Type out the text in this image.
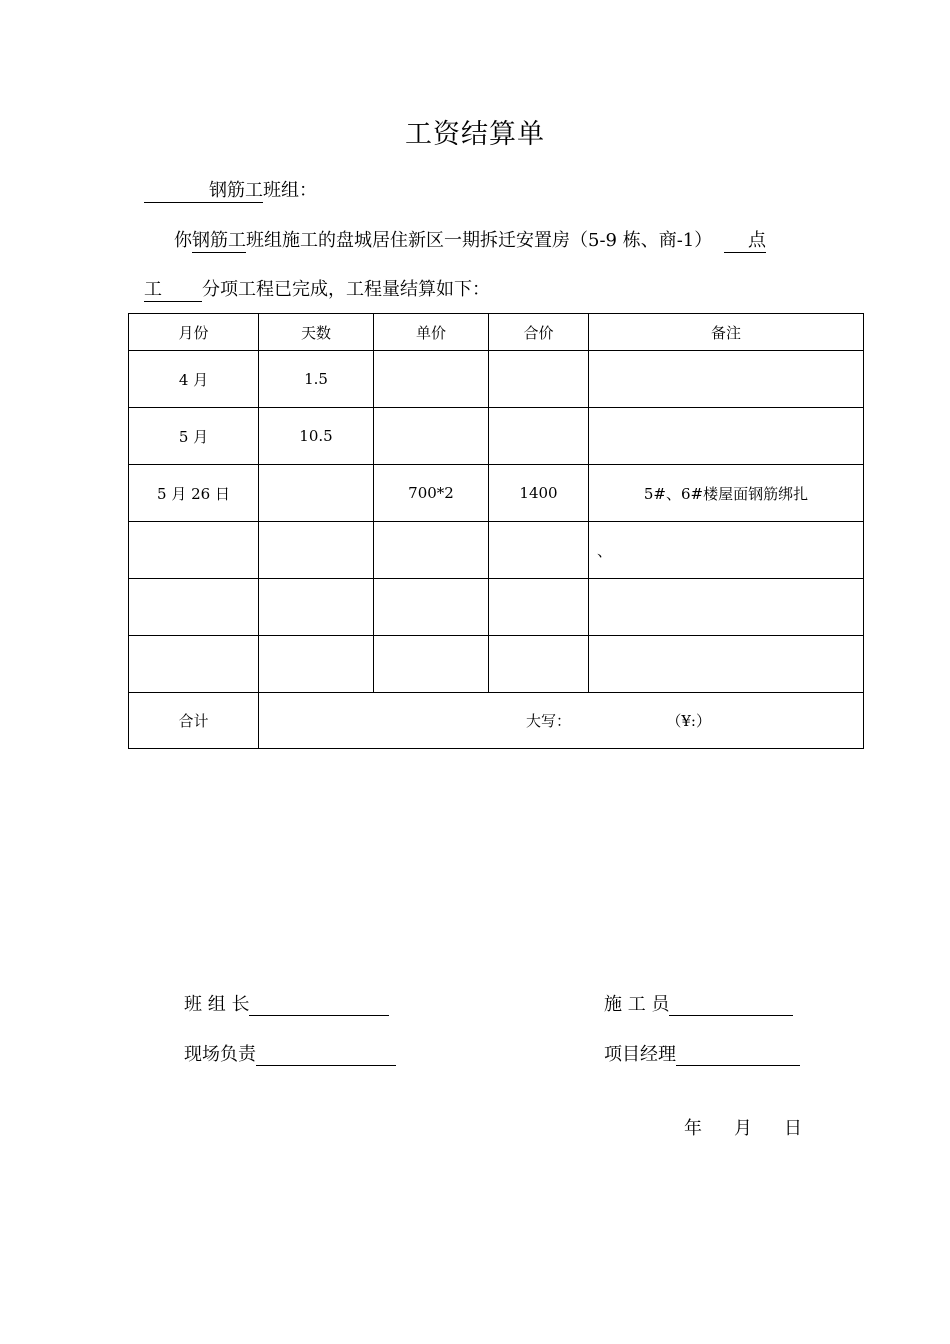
工资结算单
钢筋工班组：
你钢筋工班组施工的盘城居住新区一期拆迁安置房（5-9 栋、商-1） 点
工 分项工程已完成，工程量结算如下：
月份	天数	单价	合价	备注
4 月	1.5			
5 月	10.5			
5 月 26 日		700*2	1400	5#、6#楼屋面钢筋绑扎

				、

合计	大写： （¥:）			
班 组 长	施 工 员
现场负责	项目经理
年 月 日
